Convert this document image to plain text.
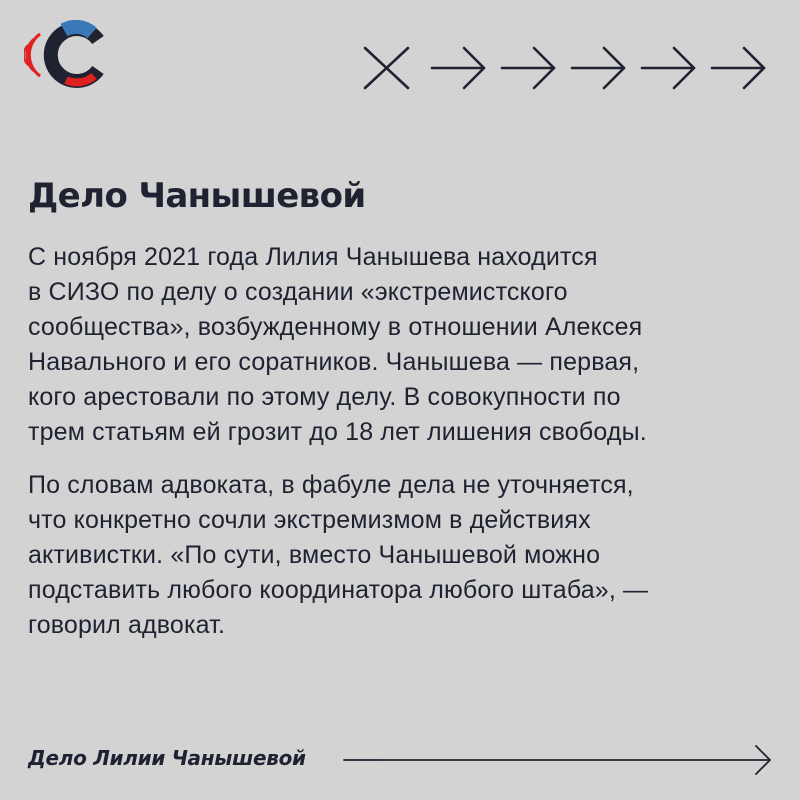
Дело Чанышевой

С ноября 2021 года Лилия Чанышева находится
в СИЗО по делу о создании «экстремистского
сообщества», возбужденному в отношении Алексея
Навального и его соратников. Чанышева — первая,
кого арестовали по этому делу. В совокупности по
трем статьям ей грозит до 18 лет лишения свободы.

По словам адвоката, в фабуле дела не уточняется,
что конкретно сочли экстремизмом в действиях
активистки. «По сути, вместо Чанышевой можно
подставить любого координатора любого штаба», —
говорил адвокат.

Дело Лилии Чанышевой
